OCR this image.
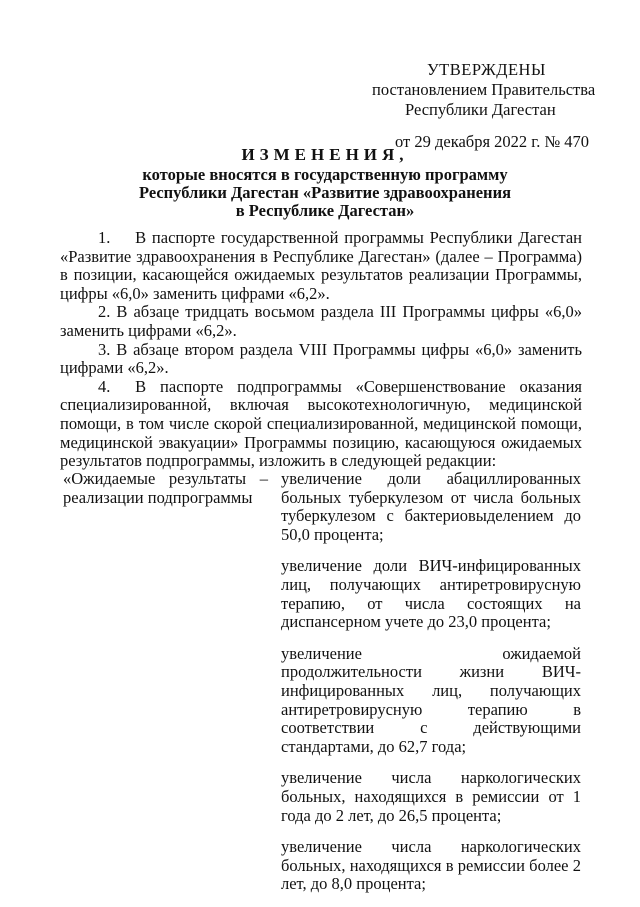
УТВЕРЖДЕНЫ
постановлением Правительства
Республики Дагестан
от 29 декабря 2022 г. № 470
ИЗМЕНЕНИЯ,
которые вносятся в государственную программу
Республики Дагестан «Развитие здравоохранения
в Республике Дагестан»

1.  В паспорте государственной программы Республики Дагестан «Развитие здравоохранения в Республике Дагестан» (далее – Программа) в позиции, касающейся ожидаемых результатов реализации Программы, цифры «6,0» заменить цифрами «6,2».

2. В абзаце тридцать восьмом раздела III Программы цифры «6,0» заменить цифрами «6,2».

3. В абзаце втором раздела VIII Программы цифры «6,0» заменить цифрами «6,2».

4.  В паспорте подпрограммы «Совершенствование оказания специализированной, включая высокотехнологичную, медицинской помощи, в том числе скорой специализированной, медицинской помощи, медицинской эвакуации» Программы позицию, касающуюся ожидаемых результатов подпрограммы, изложить в следующей редакции:

«Ожидаемые результаты –
реализации подпрограммы

увеличение доли абациллированных больных туберкулезом от числа больных туберкулезом с бактериовыделением до 50,0 процента;

увеличение доли ВИЧ-инфицированных лиц, получающих антиретровирусную терапию, от числа состоящих на диспансерном учете до 23,0 процента;

увеличение ожидаемой продолжительности жизни ВИЧ-инфицированных лиц, получающих антиретровирусную терапию в соответствии с действующими стандартами, до 62,7 года;

увеличение числа наркологических больных, находящихся в ремиссии от 1 года до 2 лет, до 26,5 процента;

увеличение числа наркологических больных, находящихся в ремиссии более 2 лет, до 8,0 процента;
